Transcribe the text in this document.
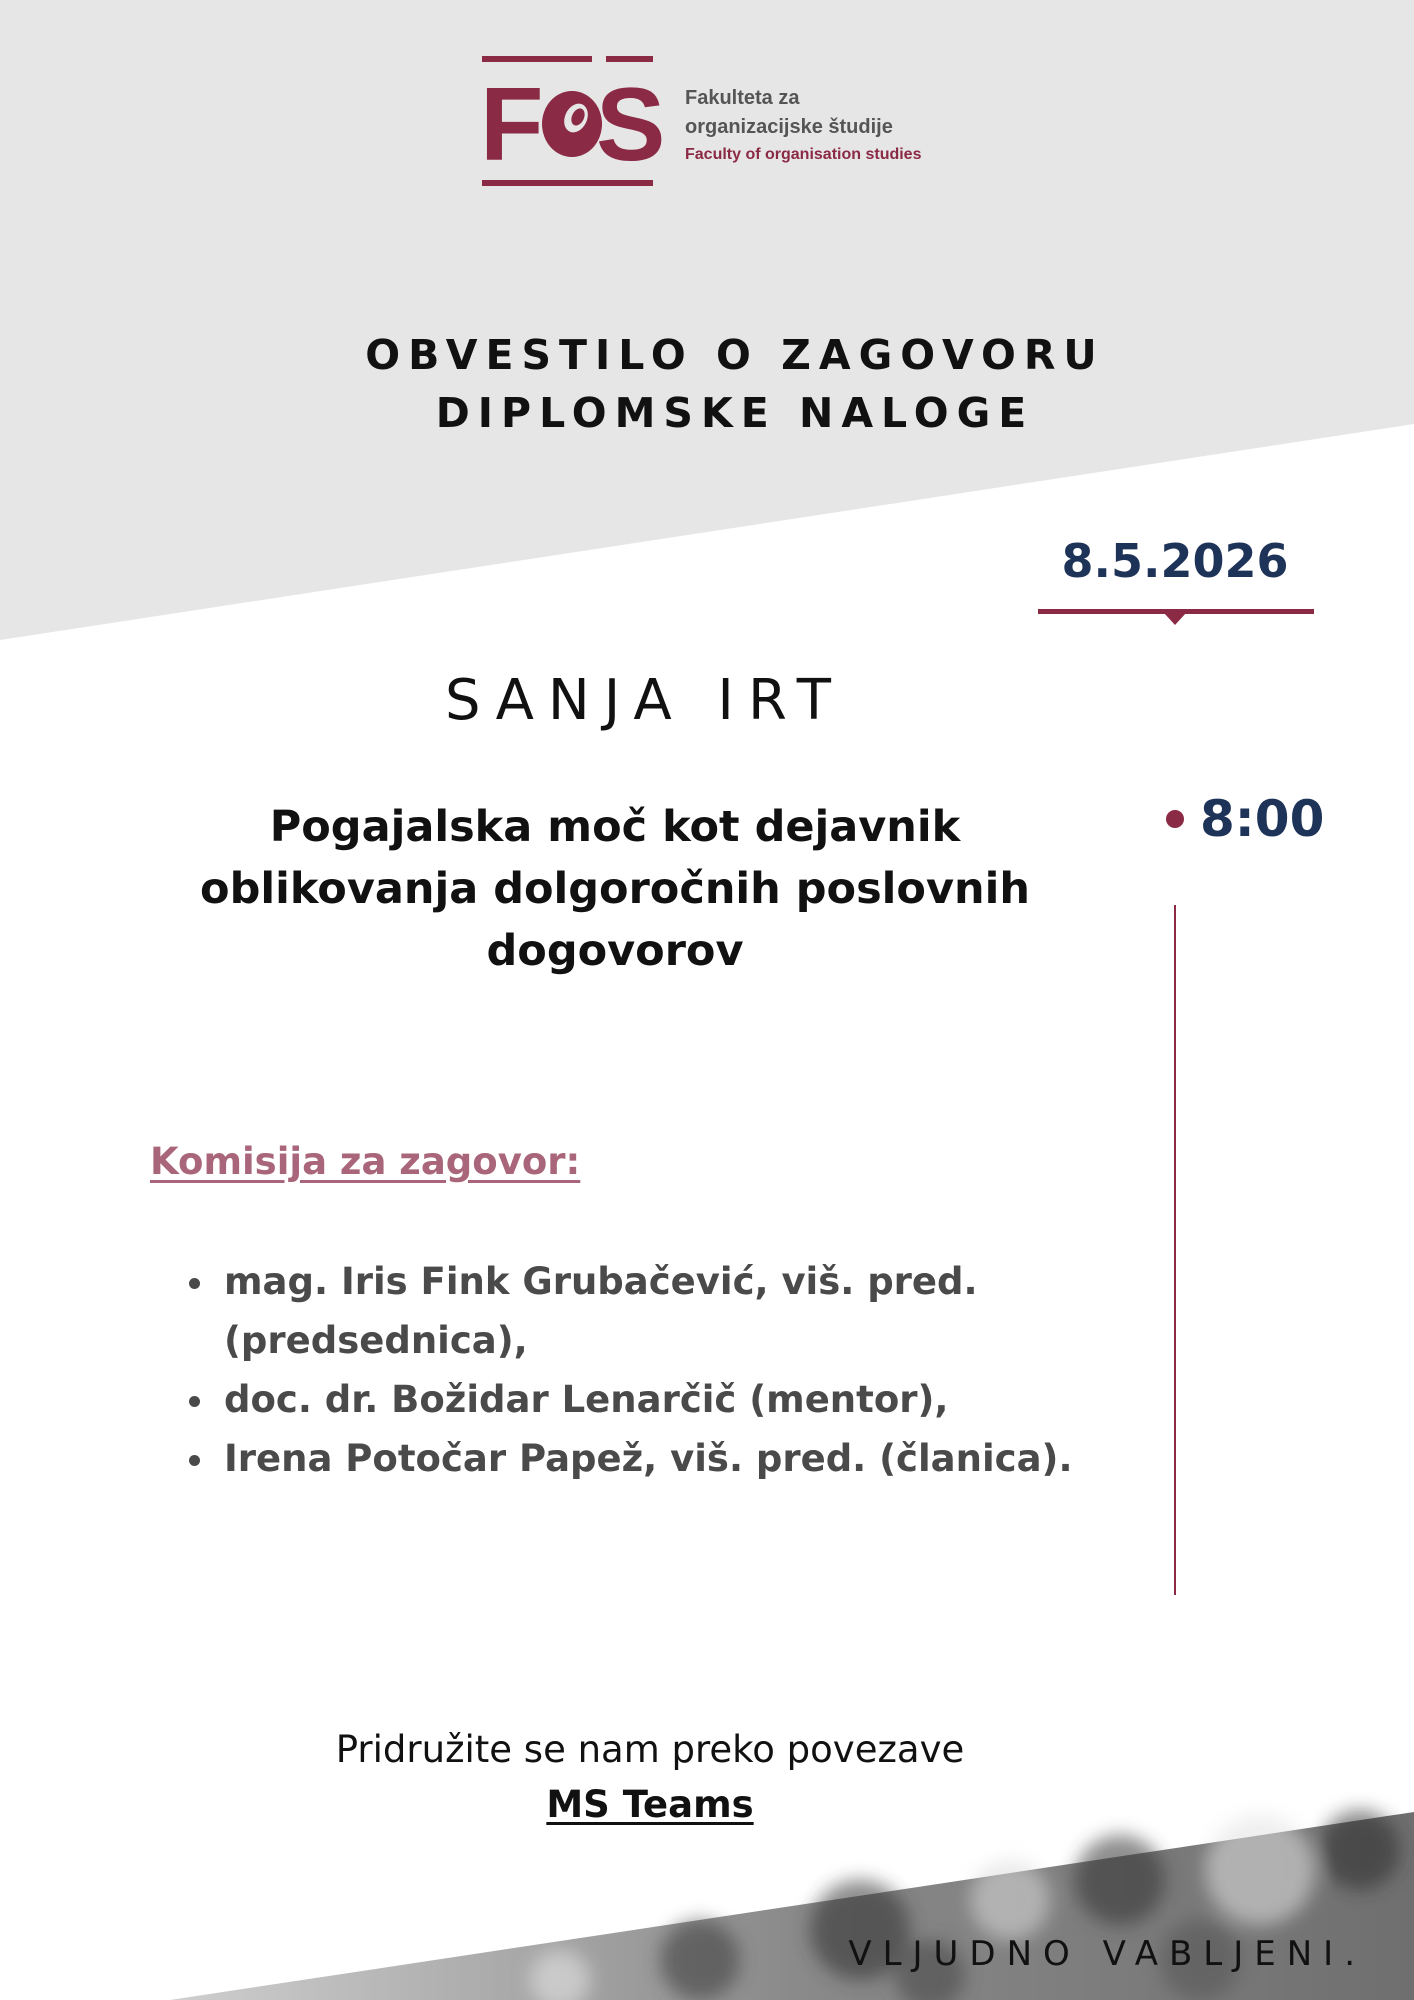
F S Fakulteta za
organizacijske študije
Faculty of organisation studies
OBVESTILO O ZAGOVORU
DIPLOMSKE NALOGE
8.5.2026
SANJA IRT
8:00
Pogajalska moč kot dejavnik oblikovanja dolgoročnih poslovnih dogovorov
Komisija za zagovor:
• mag. Iris Fink Grubačević, viš. pred. (predsednica),
• doc. dr. Božidar Lenarčič (mentor),
• Irena Potočar Papež, viš. pred. (članica).
Pridružite se nam preko povezave
MS Teams
VLJUDNO VABLJENI.
